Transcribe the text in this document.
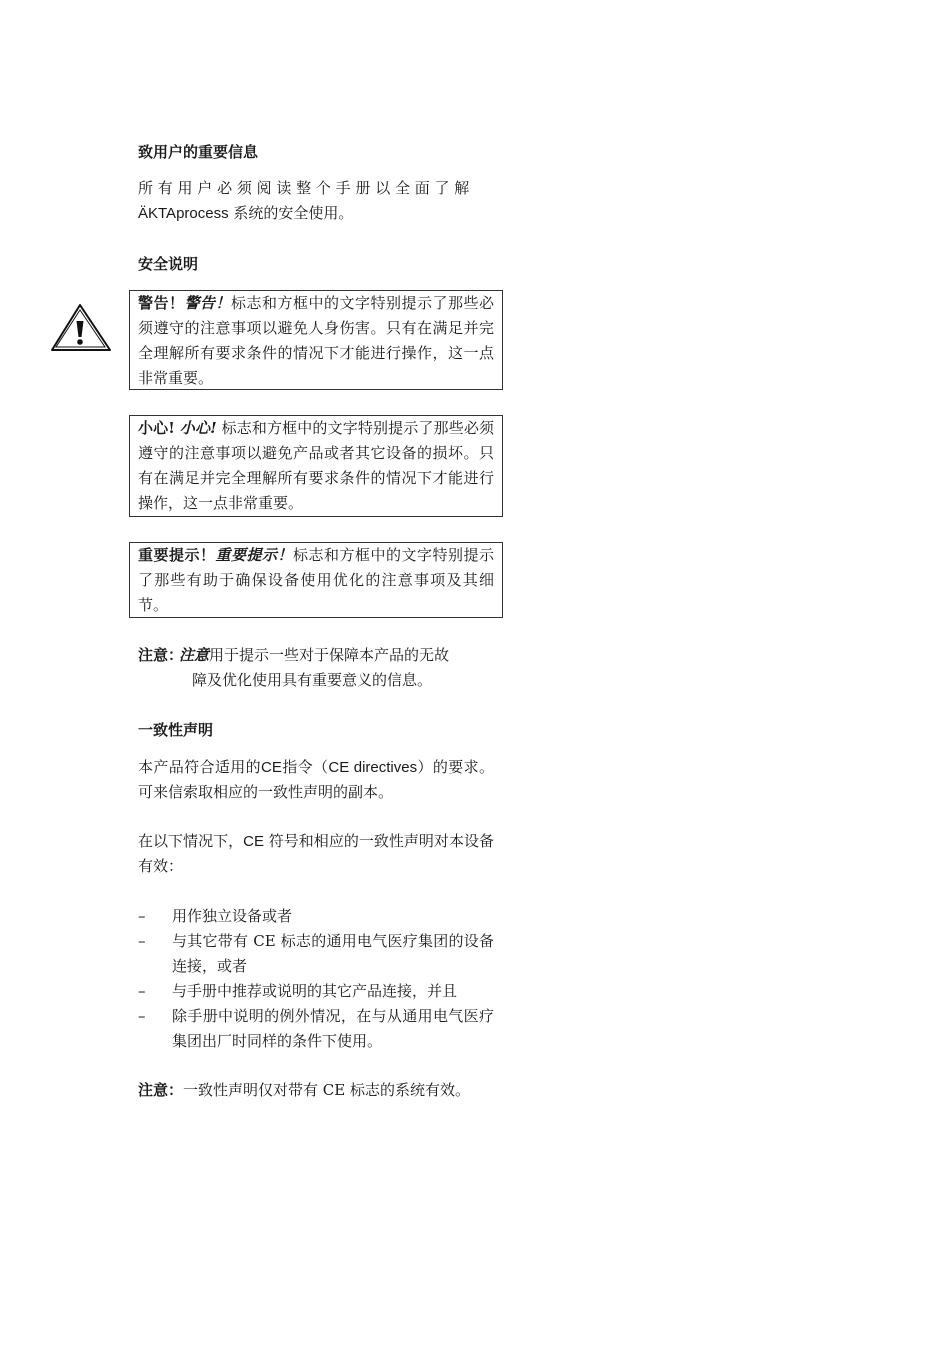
致用户的重要信息

所 有 用 户 必 须 阅 读 整 个 手 册 以 全 面 了 解
ÄKTAprocess 系统的安全使用。

安全说明

警告！警告！标志和方框中的文字特别提示了那些必须遵守的注意事项以避免人身伤害。只有在满足并完全理解所有要求条件的情况下才能进行操作，这一点非常重要。
小心! 小心! 标志和方框中的文字特别提示了那些必须遵守的注意事项以避免产品或者其它设备的损坏。只有在满足并完全理解所有要求条件的情况下才能进行操作，这一点非常重要。
重要提示！重要提示！标志和方框中的文字特别提示了那些有助于确保设备使用优化的注意事项及其细节。
注意：注意用于提示一些对于保障本产品的无故
障及优化使用具有重要意义的信息。

一致性声明

本产品符合适用的CE指令（CE directives）的要求。可来信索取相应的一致性声明的副本。

在以下情况下，CE 符号和相应的一致性声明对本设备有效：

– 用作独立设备或者
– 与其它带有 CE 标志的通用电气医疗集团的设备连接，或者
– 与手册中推荐或说明的其它产品连接，并且
– 除手册中说明的例外情况，在与从通用电气医疗集团出厂时同样的条件下使用。

注意：一致性声明仅对带有 CE 标志的系统有效。
